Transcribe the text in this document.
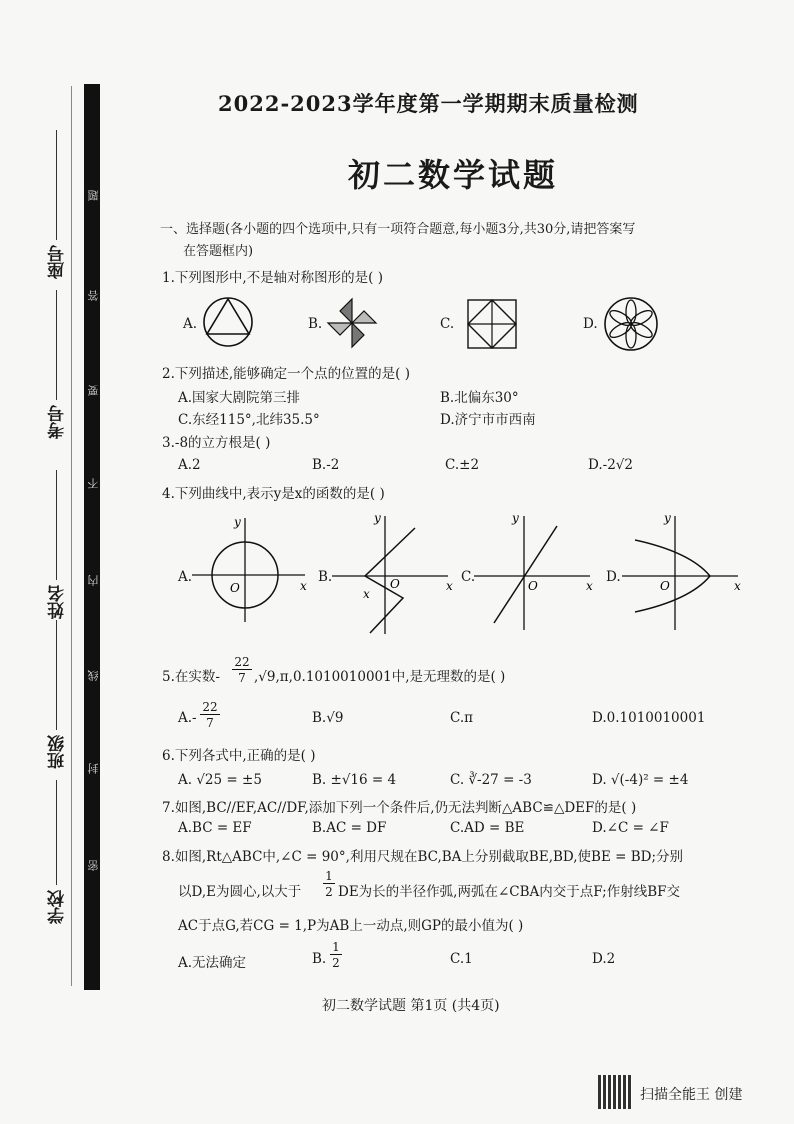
座号
考号
姓名
班级
学校
题
答
要
不
内
线
封
密
2022-2023学年度第一学期期末质量检测
初二数学试题
一、选择题(各小题的四个选项中,只有一项符合题意,每小题3分,共30分,请把答案写
在答题框内)
1.下列图形中,不是轴对称图形的是( )
A.	B.	C.	D.
2.下列描述,能够确定一个点的位置的是( )
A.国家大剧院第三排	B.北偏东30°
C.东经115°,北纬35.5°	D.济宁市市西南
3.-8的立方根是( )
A.2	B.-2	C.±2	D.-2√2
4.下列曲线中,表示y是x的函数的是( )
A.	B.	C.	D.
O	x
y
O	x
y
x
O	x
y
O	x
y
5.在实数-
22
7 ,√9,π,0.1010010001中,是无理数的是( )
A.-
22
7	B.√9	C.π	D.0.1010010001
6.下列各式中,正确的是( )
A. √25 = ±5	B. ±√16 = 4	C. ∛-27 = -3	D. √(-4)² = ±4
7.如图,BC//EF,AC//DF,添加下列一个条件后,仍无法判断△ABC≌△DEF的是( )
A.BC = EF	B.AC = DF	C.AD = BE	D.∠C = ∠F
8.如图,Rt△ABC中,∠C = 90°,利用尺规在BC,BA上分别截取BE,BD,使BE = BD;分别
以D,E为圆心,以大于
1
2 DE为长的半径作弧,两弧在∠CBA内交于点F;作射线BF交
AC于点G,若CG = 1,P为AB上一动点,则GP的最小值为( )
A.无法确定	B.
1
2	C.1	D.2
初二数学试题 第1页 (共4页)
扫描全能王 创建
